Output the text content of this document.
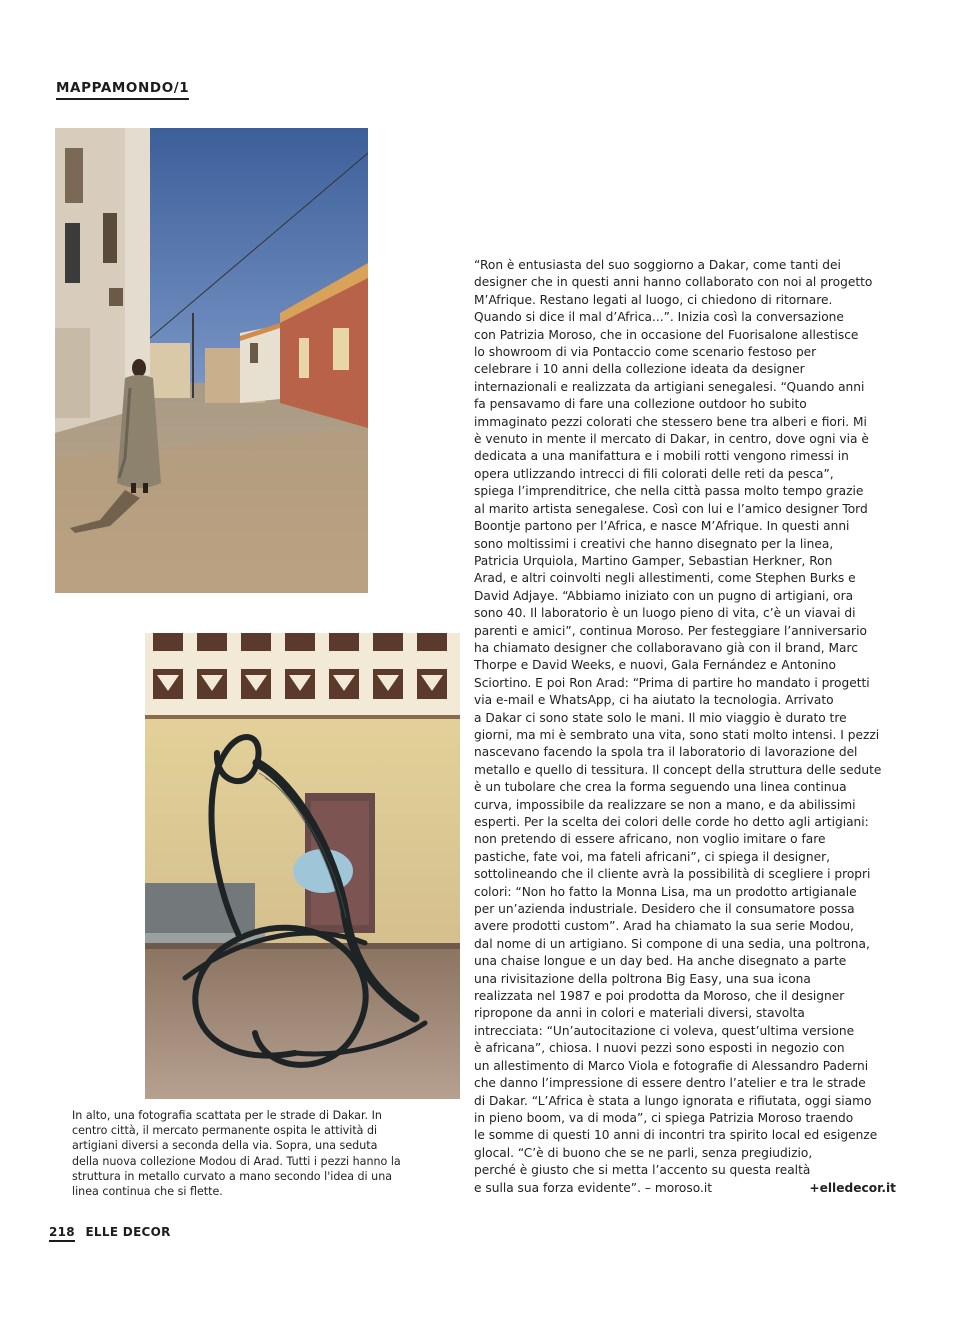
MAPPAMONDO/1

In alto, una fotografia scattata per le strade di Dakar. In centro città, il mercato permanente ospita le attività di artigiani diversi a seconda della via. Sopra, una seduta della nuova collezione Modou di Arad. Tutti i pezzi hanno la struttura in metallo curvato a mano secondo l'idea di una linea continua che si flette.

“Ron è entusiasta del suo soggiorno a Dakar, come tanti dei
designer che in questi anni hanno collaborato con noi al progetto
M’Afrique. Restano legati al luogo, ci chiedono di ritornare.
Quando si dice il mal d’Africa...”. Inizia così la conversazione
con Patrizia Moroso, che in occasione del Fuorisalone allestisce
lo showroom di via Pontaccio come scenario festoso per
celebrare i 10 anni della collezione ideata da designer
internazionali e realizzata da artigiani senegalesi. “Quando anni
fa pensavamo di fare una collezione outdoor ho subito
immaginato pezzi colorati che stessero bene tra alberi e fiori. Mi
è venuto in mente il mercato di Dakar, in centro, dove ogni via è
dedicata a una manifattura e i mobili rotti vengono rimessi in
opera utlizzando intrecci di fili colorati delle reti da pesca”,
spiega l’imprenditrice, che nella città passa molto tempo grazie
al marito artista senegalese. Così con lui e l’amico designer Tord
Boontje partono per l’Africa, e nasce M’Afrique. In questi anni
sono moltissimi i creativi che hanno disegnato per la linea,
Patricia Urquiola, Martino Gamper, Sebastian Herkner, Ron
Arad, e altri coinvolti negli allestimenti, come Stephen Burks e
David Adjaye. “Abbiamo iniziato con un pugno di artigiani, ora
sono 40. Il laboratorio è un luogo pieno di vita, c’è un viavai di
parenti e amici”, continua Moroso. Per festeggiare l’anniversario
ha chiamato designer che collaboravano già con il brand, Marc
Thorpe e David Weeks, e nuovi, Gala Fernández e Antonino
Sciortino. E poi Ron Arad: “Prima di partire ho mandato i progetti
via e-mail e WhatsApp, ci ha aiutato la tecnologia. Arrivato
a Dakar ci sono state solo le mani. Il mio viaggio è durato tre
giorni, ma mi è sembrato una vita, sono stati molto intensi. I pezzi
nascevano facendo la spola tra il laboratorio di lavorazione del
metallo e quello di tessitura. Il concept della struttura delle sedute
è un tubolare che crea la forma seguendo una linea continua
curva, impossibile da realizzare se non a mano, e da abilissimi
esperti. Per la scelta dei colori delle corde ho detto agli artigiani:
non pretendo di essere africano, non voglio imitare o fare
pastiche, fate voi, ma fateli africani”, ci spiega il designer,
sottolineando che il cliente avrà la possibilità di scegliere i propri
colori: “Non ho fatto la Monna Lisa, ma un prodotto artigianale
per un’azienda industriale. Desidero che il consumatore possa
avere prodotti custom”. Arad ha chiamato la sua serie Modou,
dal nome di un artigiano. Si compone di una sedia, una poltrona,
una chaise longue e un day bed. Ha anche disegnato a parte
una rivisitazione della poltrona Big Easy, una sua icona
realizzata nel 1987 e poi prodotta da Moroso, che il designer
ripropone da anni in colori e materiali diversi, stavolta
intrecciata: “Un’autocitazione ci voleva, quest’ultima versione
è africana”, chiosa. I nuovi pezzi sono esposti in negozio con
un allestimento di Marco Viola e fotografie di Alessandro Paderni
che danno l’impressione di essere dentro l’atelier e tra le strade
di Dakar. “L’Africa è stata a lungo ignorata e rifiutata, oggi siamo
in pieno boom, va di moda”, ci spiega Patrizia Moroso traendo
le somme di questi 10 anni di incontri tra spirito local ed esigenze
glocal. “C’è di buono che se ne parli, senza pregiudizio,
perché è giusto che si metta l’accento su questa realtà
e sulla sua forza evidente”. – moroso.it	+elledecor.it
218 ELLE DECOR
